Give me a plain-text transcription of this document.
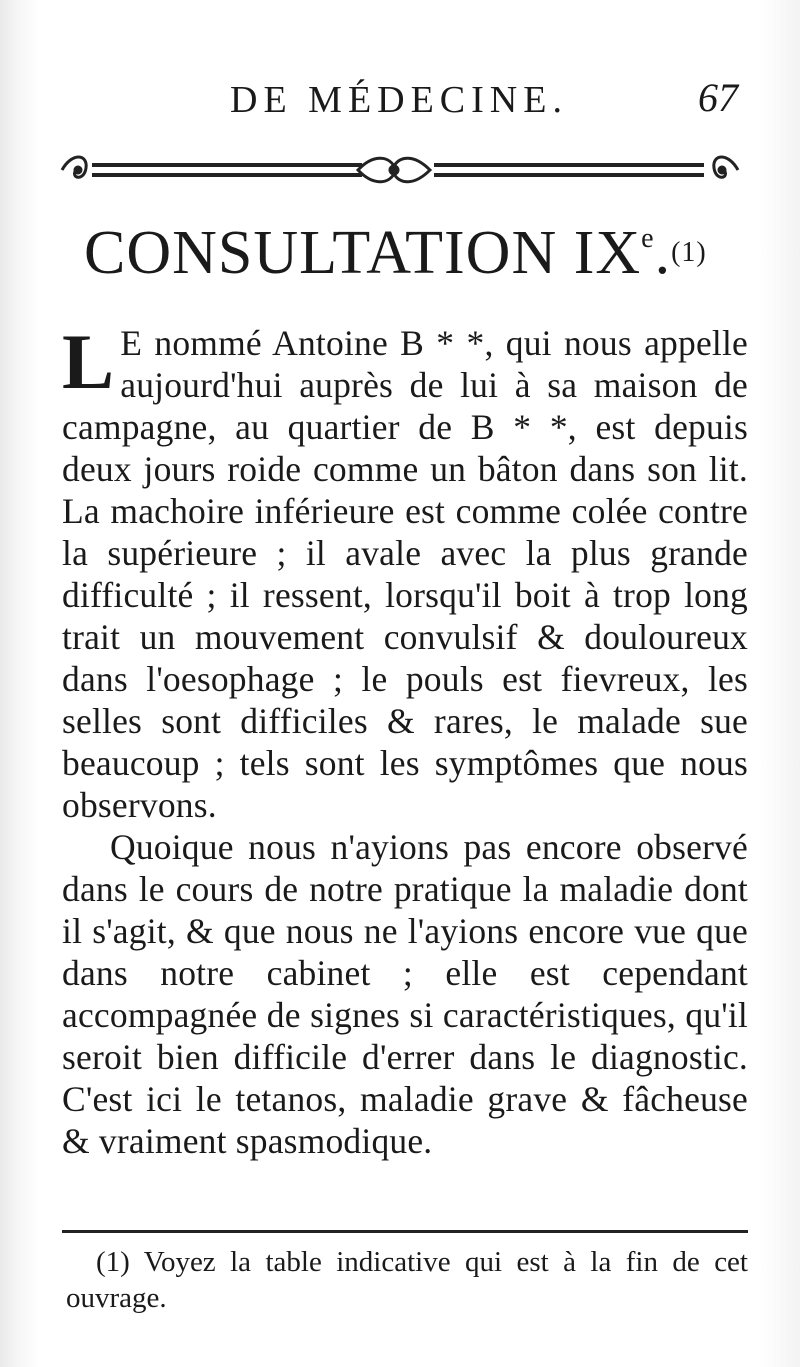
DE MÉDECINE.	67
CONSULTATION IXe.(1)

L E nommé Antoine B * *, qui nous appelle aujourd'hui auprès de lui à sa maison de campagne, au quartier de B * *, est depuis deux jours roide comme un bâton dans son lit. La machoire inférieure est comme colée contre la supérieure ; il avale avec la plus grande difficulté ; il ressent, lorsqu'il boit à trop long trait un mouvement convulsif & douloureux dans l'oesophage ; le pouls est fievreux, les selles sont difficiles & rares, le malade sue beaucoup ; tels sont les symptômes que nous observons.

Quoique nous n'ayions pas encore observé dans le cours de notre pratique la maladie dont il s'agit, & que nous ne l'ayions encore vue que dans notre cabinet ; elle est cependant accompagnée de signes si caractéristiques, qu'il seroit bien difficile d'errer dans le diagnostic. C'est ici le tetanos, maladie grave & fâcheuse & vraiment spasmodique.

(1) Voyez la table indicative qui est à la fin de cet ouvrage.
